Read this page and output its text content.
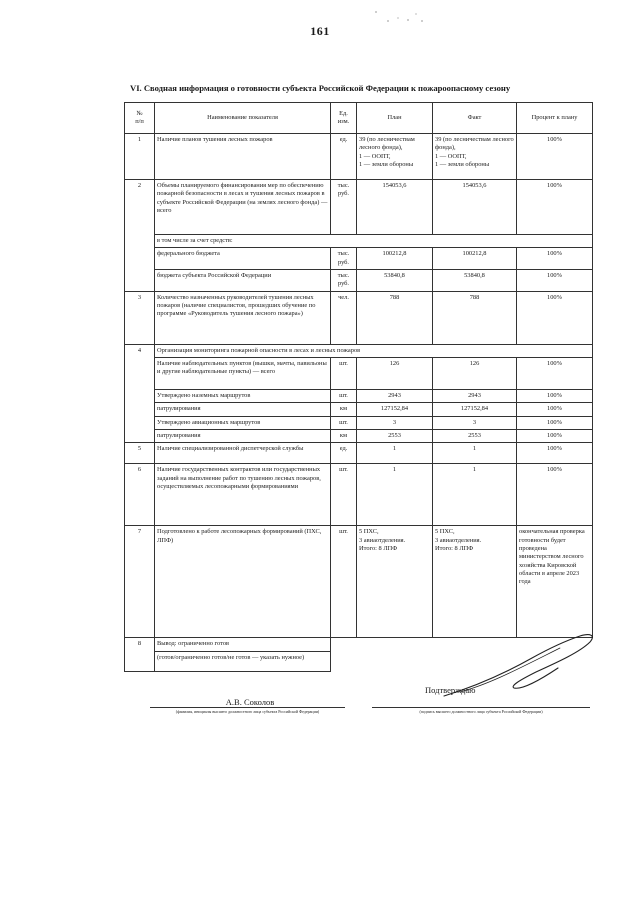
161
VI. Сводная информация о готовности субъекта Российской Федерации к пожароопасному сезону
№
п/п	Наименование показателя	Ед.
изм.	План	Факт	Процент к плану
1	Наличие планов тушения лесных пожаров	ед.	39 (по лесничествам лесного фонда),
1 — ООПТ,
1 — земли обороны	39 (по лесничествам лесного фонда),
1 — ООПТ,
1 — земли обороны	100%
2	Объемы планируемого финансирования мер по обеспечению пожарной безопасности в лесах и тушения лесных пожаров в субъекте Российской Федерации (на землях лесного фонда) — всего	тыс.
руб.	154053,6	154053,6	100%
	в том числе за счет средств:				
	федерального бюджета	тыс.
руб.	100212,8	100212,8	100%
	бюджета субъекта Российской Федерации	тыс.
руб.	53840,8	53840,8	100%
3	Количество назначенных руководителей тушения лесных пожаров (наличие специалистов, прошедших обучение по программе «Руководитель тушения лесного пожара»)	чел.	788	788	100%
4	Организация мониторинга пожарной опасности в лесах и лесных пожаров				
	Наличие наблюдательных пунктов (вышки, мачты, павильоны и другие наблюдательные пункты) — всего	шт.	126	126	100%
	Утверждено наземных маршрутов	шт.	2943	2943	100%
	патрулирования	км	127152,84	127152,84	100%
	Утверждено авиационных маршрутов	шт.	3	3	100%
	патрулирования	км	2553	2553	100%
5	Наличие специализированной диспетчерской службы	ед.	1	1	100%
6	Наличие государственных контрактов или государственных заданий на выполнение работ по тушению лесных пожаров, осуществляемых лесопожарными формированиями	шт.	1	1	100%
7	Подготовлено к работе лесопожарных формирований (ПХС, ЛПФ)	шт.	5 ПХС,
3 авиаотделения.
Итого: 8 ЛПФ	5 ПХС,
3 авиаотделения.
Итого: 8 ЛПФ	окончательная проверка готовности будет проведена министерством лесного хозяйства Кировской области в апреле 2023 года
8	Вывод: ограниченно готов				
	(готов/ограниченно готов/не готов — указать нужное)				
А.В. Соколов
(фамилия, инициалы высшего должностного лица субъекта Российской Федерации)
Подтверждаю
(подпись высшего должностного лица субъекта Российской Федерации)
